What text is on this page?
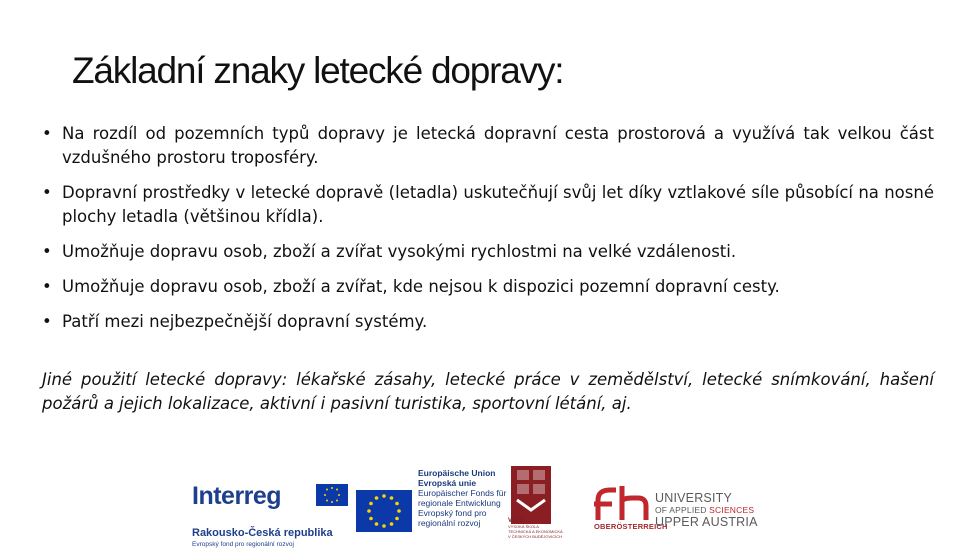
Základní znaky letecké dopravy:
• Na rozdíl od pozemních typů dopravy je letecká dopravní cesta prostorová a využívá tak velkou část vzdušného prostoru troposféry.
• Dopravní prostředky v letecké dopravě (letadla) uskutečňují svůj let díky vztlakové síle působící na nosné plochy letadla (většinou křídla).
• Umožňuje dopravu osob, zboží a zvířat vysokými rychlostmi na velké vzdálenosti.
• Umožňuje dopravu osob, zboží a zvířat, kde nejsou k dispozici pozemní dopravní cesty.
• Patří mezi nejbezpečnější dopravní systémy.

Jiné použití letecké dopravy: lékařské zásahy, letecké práce v zemědělství, letecké snímkování, hašení požárů a jejich lokalizace, aktivní i pasivní turistika, sportovní létání, aj.

Interreg
Rakousko-Česká republika
Evropský fond pro regionální rozvoj
Europäische Union
Evropská unie
Europäischer Fonds für
regionale Entwicklung
Evropský fond pro
regionální rozvoj	VŠTE
VYSOKÁ ŠKOLA
TECHNICKÁ A EKONOMICKÁ
V ČESKÝCH BUDĚJOVICÍCH
OBERÖSTERREICH
UNIVERSITY
OF APPLIED SCIENCES
UPPER AUSTRIA
